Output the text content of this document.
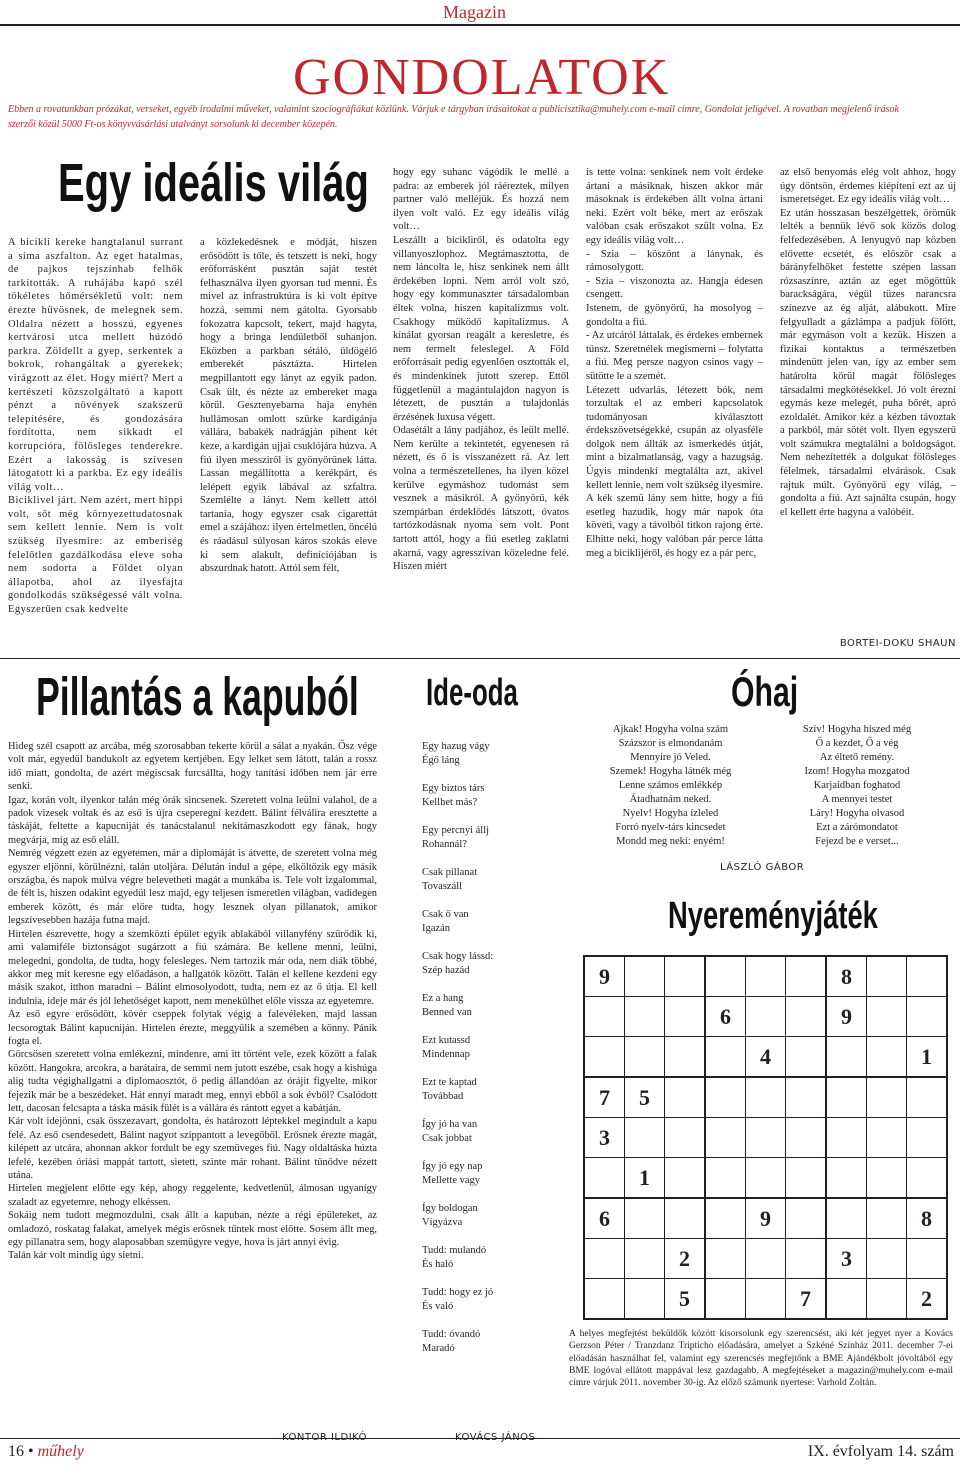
Magazin
GONDOLATOK
Ebben a rovatunkban prózákat, verseket, egyéb irodalmi műveket, valamint szociográfiákat közlünk. Várjuk e tárgyban írásaitokat a publicisztika@muhely.com e-mail címre, Gondolat jeligével. A rovatban megjelenő írások
szerzői közül 5000 Ft-os könyvvásárlási utalványt sorsolunk ki december közepén.
Egy ideális világ

A bicikli kereke hangtalanul surrant a sima aszfalton. Az eget hatalmas, de pajkos tejszínhab felhők tarkították. A ruhájába kapó szél tökéletes hőmérsékletű volt: nem érezte hűvösnek, de melegnek sem. Oldalra nézett a hosszú, egyenes kertvárosi utca mellett húzódó parkra. Zöldellt a gyep, serkentek a bokrok, rohangáltak a gyerekek; virágzott az élet. Hogy miért? Mert a kertészeti közszolgáltató a kapott pénzt a növények szakszerű telepítésére, és gondozására fordította, nem sikkadt el korrupcióra, fölösleges tenderekre. Ezért a lakosság is szívesen látogatott ki a parkba. Ez egy ideális világ volt…

Biciklivel járt. Nem azért, mert hippi volt, sőt még környezettudatosnak sem kellett lennie. Nem is volt szükség ilyesmire: az emberiség felelőtlen gazdálkodása eleve soha nem sodorta a Földet olyan állapotba, ahol az ilyesfajta gondolkodás szükségessé vált volna. Egyszerűen csak kedvelte

a közlekedésnek e módját, hiszen erősödött is tőle, és tetszett is neki, hogy erőforrásként pusztán saját testét felhasználva ilyen gyorsan tud menni. És mivel az infrastruktúra is ki volt építve hozzá, semmi nem gátolta. Gyorsabb fokozatra kapcsolt, tekert, majd hagyta, hogy a bringa lendületből suhanjon. Eközben a parkban sétáló, üldögélő emberekét pásztázta. Hirtelen megpillantott egy lányt az egyik padon. Csak ült, és nézte az embereket maga körül. Gesztenyebarna haja enyhén hullámosan omlott szürke kardigánja vállára, babakék nadrágján pihent két keze, a kardigán ujjai csuklójára húzva. A fiú ilyen messziről is gyönyörűnek látta. Lassan megállította a kerékpárt, és lelépett egyik lábával az szfaltra. Szemlélte a lányt. Nem kellett attól tartania, hogy egyszer csak cigarettát emel a szájához: ilyen értelmetlen, öncélú és ráadásul súlyosan káros szokás eleve ki sem alakult, definíciójában is abszurdnak hatott. Attól sem félt,

hogy egy suhanc vágódik le mellé a padra: az emberek jól ráéreztek, milyen partner való melléjük. És hozzá nem ilyen volt való. Ez egy ideális világ volt…

Leszállt a bicikliről, és odatolta egy villanyoszlophoz. Megtámasztotta, de nem láncolta le, hisz senkinek nem állt érdekében lopni. Nem arról volt szó, hogy egy kommunaszter társadalomban éltek volna, hiszen kapitalizmus volt. Csakhogy működő kapitalizmus. A kínálat gyorsan reagált a keresletre, és nem termelt feleslegel. A Föld erőforrásait pedig egyenlően osztották el, és mindenkinek jutott szerep. Ettől függetlenül a magántulajdon nagyon is létezett, de pusztán a tulajdonlás érzésének luxusa végett.

Odasétált a lány padjához, és leült mellé. Nem kerülte a tekintetét, egyenesen rá nézett, és ő is visszanézett rá. Az lett volna a természetellenes, ha ilyen közel kerülve egymáshoz tudomást sem vesznek a másikról. A gyönyörű, kék szempárban érdeklődés látszott, óvatos tartózkodásnak nyoma sem volt. Pont tartott attól, hogy a fiú esetleg zaklatni akarná, vagy agresszívan közeledne felé. Hiszen miért

is tette volna: senkinek nem volt érdeke ártani a másiknak, hiszen akkor már másoknak is érdekében állt volna ártani neki. Ezért volt béke, mert az erőszak valóban csak erőszakot szült volna. Ez egy ideális világ volt…

- Szia – köszönt a lánynak, és rámosolygott.

- Szia – viszonozta az. Hangja édesen csengett.

Istenem, de gyönyörű, ha mosolyog – gondolta a fiú.

- Az utcáról láttalak, és érdekes embernek tűnsz. Szeretnélek megismerni – folytatta a fiú. Meg persze nagyon csinos vagy – sütötte le a szemét.

Létezett udvarlás, létezett bók, nem torzultak el az emberi kapcsolatok tudományosan kiválasztott érdekszövetségekké, csupán az olyasféle dolgok nem állták az ismerkedés útját, mint a bizalmatlanság, vagy a hazugság. Úgyis mindenki megtalálta azt, akivel kellett lennie, nem volt szükség ilyesmire. A kék szemű lány sem hitte, hogy a fiú esetleg hazudik, hogy már napok óta követi, vagy a távolból titkon rajong érte. Elhitte neki, hogy valóban pár perce látta meg a biciklijéről, és hogy ez a pár perc,

az első benyomás elég volt ahhoz, hogy úgy döntsön, érdemes kiépíteni ezt az új ismeretséget. Ez egy ideális világ volt…

Ez után hosszasan beszélgettek, örömük lelték a bennük lévő sok közös dolog felfedezésében. A lenyugvó nap közben elővette ecsetét, és először csak a bárányfelhőket festette szépen lassan rózsaszínre, aztán az eget mögöttük barackságára, végül tüzes narancsra színezve az ég alját, alábukott. Mire felgyulladt a gázlámpa a padjuk fölött, már egymáson volt a kezük. Hiszen a fizikai kontaktus a természetben mindenütt jelen van, így az ember sem határolta körül magát fölösleges társadalmi megkötésekkel. Jó volt érezni egymás keze melegét, puha bőrét, apró ezoldalét. Amikor kéz a kézben távoztak a parkból, már sötét volt. Ilyen egyszerű volt számukra megtalálni a boldogságot. Nem nehezítették a dolgukat fölösleges félelmek, társadalmi elvárások. Csak rajtuk múlt. Gyönyörű egy világ, – gondolta a fiú. Azt sajnálta csupán, hogy el kellett érte hagyna a valóbéit.

BORTEI-DOKU SHAUN
Pillantás a kapuból

Hideg szél csapott az arcába, még szorosabban tekerte körül a sálat a nyakán. Ősz vége volt már, egyedül bandukolt az egyetem kertjében. Egy lelket sem látott, talán a rossz idő miatt, gondolta, de azért mégiscsak furcsállta, hogy tanítási időben nem jár erre senki.

Igaz, korán volt, ilyenkor talán még órák sincsenek. Szeretett volna leülni valahol, de a padok vizesek voltak és az eső is újra cseperegni kezdett. Bálint félválira eresztette a táskáját, feltette a kapucniját és tanácstalanul nekitámaszkodott egy fának, hogy megvárja, míg az eső eláll.

Nemrég végzett ezen az egyetemen, már a diplomáját is átvette, de szeretett volna még egyszer eljönni, körülnézni, talán utoljára. Délután indul a gépe, elköltözik egy másik országba, és napok múlva végre belevetheti magát a munkába is. Tele volt izgalommal, de félt is, hiszen odakint egyedül lesz majd, egy teljesen ismeretlen világban, vadidegen emberek között, és már előre tudta, hogy lesznek olyan pillanatok, amikor legszívesebben hazája futna majd.

Hirtelen észrevette, hogy a szemközti épület egyik ablakából villanyfény szűrődik ki, ami valamiféle biztonságot sugárzott a fiú számára. Be kellene menni, leülni, melegedni, gondolta, de tudta, hogy felesleges. Nem tartozik már oda, nem diák többé, akkor meg mit keresne egy előadáson, a hallgatók között. Talán el kellene kezdeni egy másik szakot, itthon maradni – Bálint elmosolyodott, tudta, nem ez az ő útja. El kell indulnia, ideje már és jól lehetőséget kapott, nem menekülhet előle vissza az egyetemre.

Az eső egyre erősödött, kövér cseppek folytak végig a falevéleken, majd lassan lecsorogtak Bálint kapucniján. Hirtelen érezte, meggyűlik a szemében a könny. Pánik fogta el.

Görcsösen szeretett volna emlékezni, mindenre, ami itt történt vele, ezek között a falak között. Hangokra, arcokra, a barátaira, de semmi nem jutott eszébe, csak hogy a kishúga alig tudta végighallgatni a diplomaosztót, ő pedig állandóan az órájit figyelte, mikor fejezik már be a beszédeket. Hát ennyi maradt meg, ennyi ebből a sok évből? Csalódott lett, dacosan felcsapta a táska másik fülét is a vállára és rántott egyet a kabátján.

Kár volt idejönni, csak összezavart, gondolta, és határozott léptekkel megindult a kapu felé. Az eső csendesedett, Bálint nagyot szippantott a levegőből. Erősnek érezte magát, kilépett az utcára, ahonnan akkor fordult be egy szemüveges fiú. Nagy oldaltáska húzta lefelé, kezében óriási mappát tartott, sietett, szinte már rohant. Bálint tűnődve nézett utána.

Hirtelen megjelent előtte egy kép, ahogy reggelente, kedvetlenül, álmosan ugyanígy szaladt az egyetemre, nehogy elkéssen.

Sokáig nem tudott megmozdulni, csak állt a kapuban, nézte a régi épületeket, az omladozó, roskatag falakat, amelyek mégis erősnek tűntek most előtte. Sosem állt meg, egy pillanatra sem, hogy alaposabban szemügyre vegye, hova is járt annyi évig.

Talán kár volt mindig úgy sietni.

Ide-oda
Egy hazug vágy
Égő láng
Egy biztos társ
Kellhet más?
Egy percnyi állj
Rohannál?
Csak pillanat
Tovaszáll
Csak ő van
Igazán
Csak hogy lássd:
Szép hazád
Ez a hang
Benned van
Ezt kutassd
Mindennap
Ezt te kaptad
Továbbad
Így jó ha van
Csak jobbat
Így jó egy nap
Mellette vagy
Így boldogan
Vígyázva
Tudd: mulandó
És haló
Tudd: hogy ez jó
És való
Tudd: óvandó
Maradó
Óhaj
Ajkak! Hogyha volna szám
Százszor is elmondanám
Mennyire jó Veled.
Szemek! Hogyha látnék még
Lenne számos emlékkép
Átadhatnám neked.
Nyelv! Hogyha ízleled
Forró nyelv-társ kincsedet
Mondd meg neki: enyém!
Szív! Hogyha hiszed még
Ő a kezdet, Ő a vég
Az éltető remény.
Izom! Hogyha mozgatod
Karjaidban foghatod
A mennyei testet
Láry! Hogyha olvasod
Ezt a zárómondatot
Fejezd be e verset...
LÁSZLÓ GÁBOR
Nyereményjáték
9						8		
			6			9		
				4				1
7	5							
3								
	1							
6				9				8
		2				3		
		5			7			2
A helyes megfejtést beküldők között kisorsolunk egy szerencsést, aki két jegyet nyer a Kovács Gerzson Péter / Tranzdanz Tripticho előadására, amelyet a Szkéné Színház 2011. december 7-ei előadásán használhat fel, valamint egy szerencsés megfejtőnk a BME Ajándékbolt jóvoltából egy BME logóval ellátott mappával lesz gazdagabb. A megfejtéseket a magazin@muhely.com e-mail címre várjuk 2011. november 30-ig. Az előző számunk nyertese: Varhold Zoltán.
16 • műhely	IX. évfolyam 14. szám
